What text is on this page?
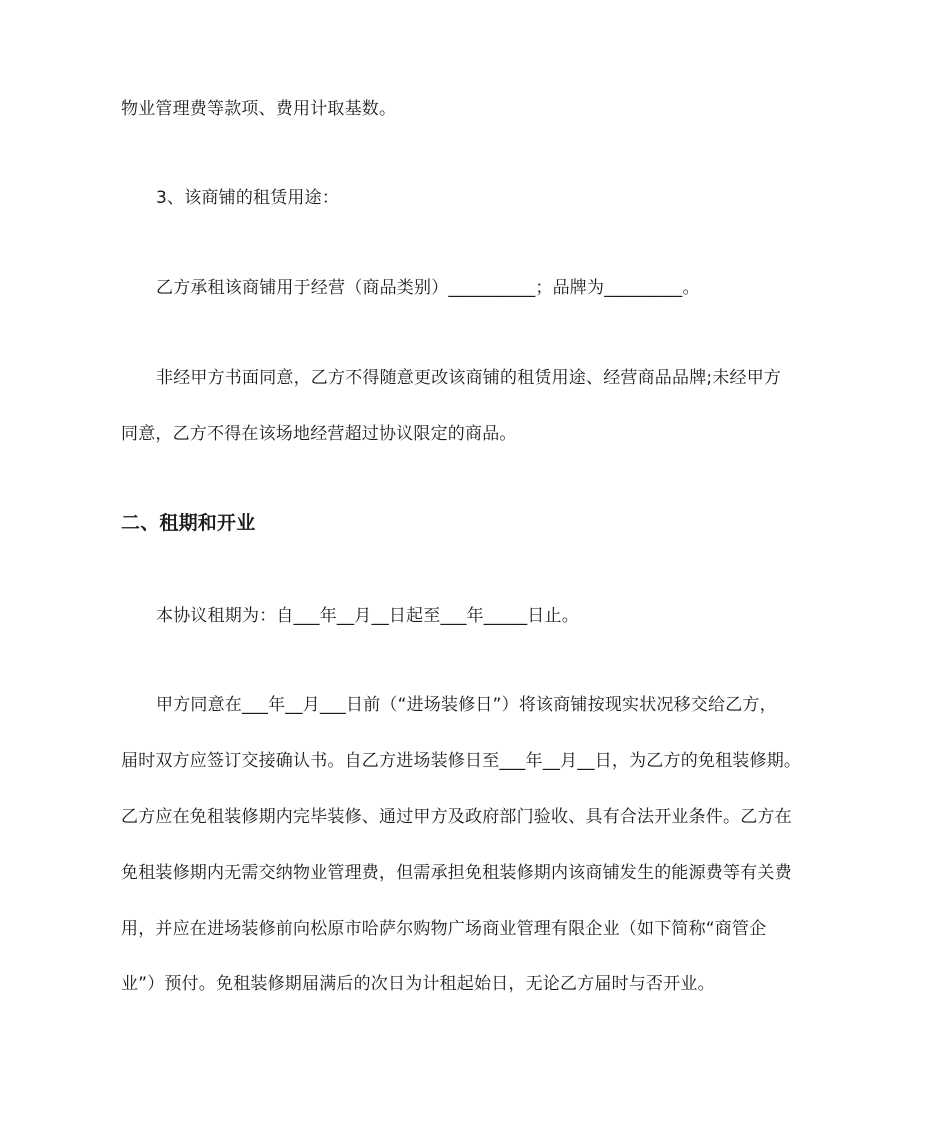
物业管理费等款项、费用计取基数。
3、该商铺的租赁用途：
乙方承租该商铺用于经营（商品类别）__________；品牌为_________。
非经甲方书面同意，乙方不得随意更改该商铺的租赁用途、经营商品品牌;未经甲方
同意，乙方不得在该场地经营超过协议限定的商品。
二、租期和开业
本协议租期为：自___年__月__日起至___年_____日止。
甲方同意在___年__月___日前（“进场装修日”）将该商铺按现实状况移交给乙方，
届时双方应签订交接确认书。自乙方进场装修日至___年__月__日，为乙方的免租装修期。
乙方应在免租装修期内完毕装修、通过甲方及政府部门验收、具有合法开业条件。乙方在
免租装修期内无需交纳物业管理费，但需承担免租装修期内该商铺发生的能源费等有关费
用，并应在进场装修前向松原市哈萨尔购物广场商业管理有限企业（如下简称“商管企
业”）预付。免租装修期届满后的次日为计租起始日，无论乙方届时与否开业。
